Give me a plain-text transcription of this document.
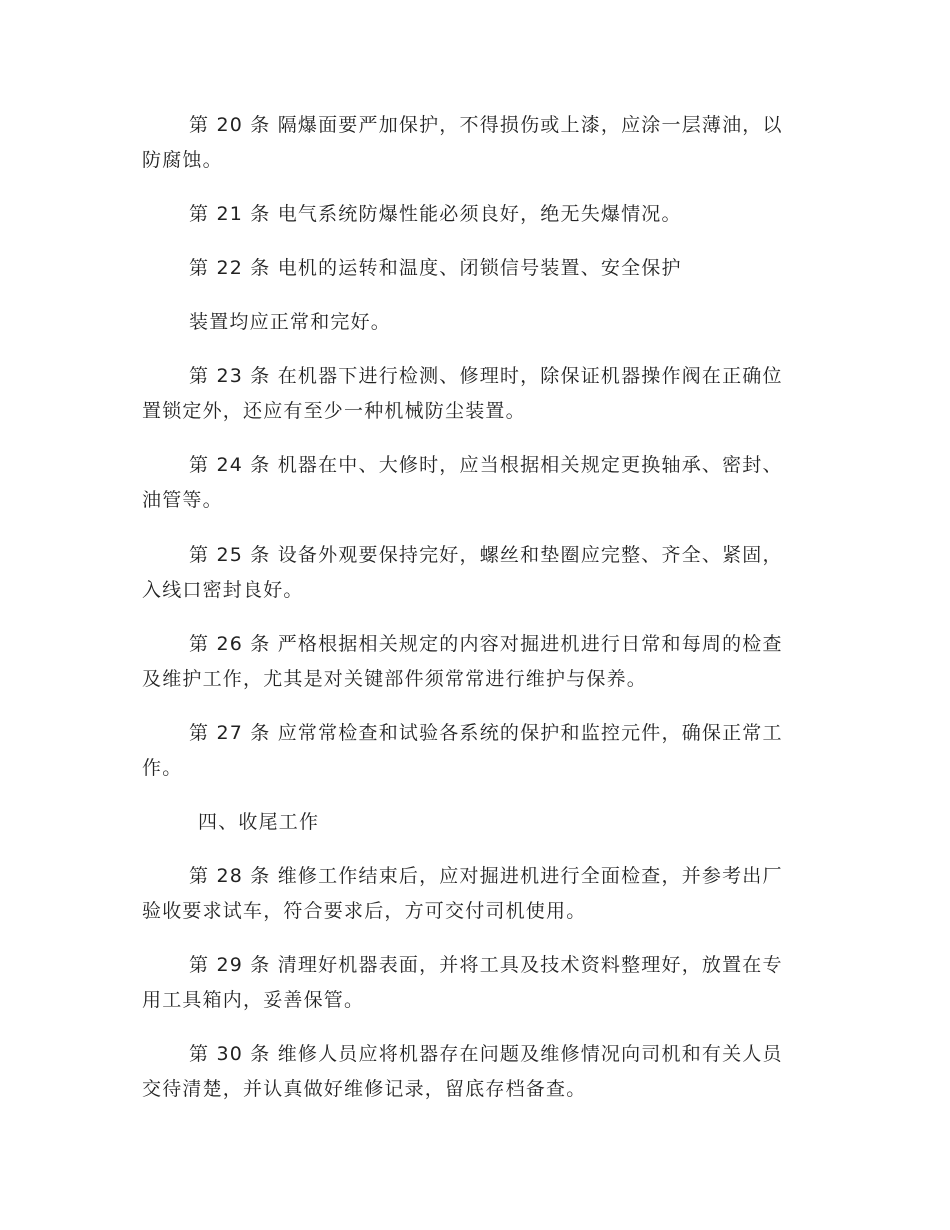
第 20 条 隔爆面要严加保护，不得损伤或上漆，应涂一层薄油，以防腐蚀。

第 21 条 电气系统防爆性能必须良好，绝无失爆情况。

第 22 条 电机的运转和温度、闭锁信号装置、安全保护

装置均应正常和完好。

第 23 条 在机器下进行检测、修理时，除保证机器操作阀在正确位置锁定外，还应有至少一种机械防尘装置。

第 24 条 机器在中、大修时，应当根据相关规定更换轴承、密封、油管等。

第 25 条 设备外观要保持完好，螺丝和垫圈应完整、齐全、紧固，入线口密封良好。

第 26 条 严格根据相关规定的内容对掘进机进行日常和每周的检查及维护工作，尤其是对关键部件须常常进行维护与保养。

第 27 条 应常常检查和试验各系统的保护和监控元件，确保正常工作。

四、收尾工作

第 28 条 维修工作结束后，应对掘进机进行全面检查，并参考出厂验收要求试车，符合要求后，方可交付司机使用。

第 29 条 清理好机器表面，并将工具及技术资料整理好，放置在专用工具箱内，妥善保管。

第 30 条 维修人员应将机器存在问题及维修情况向司机和有关人员交待清楚，并认真做好维修记录，留底存档备查。
